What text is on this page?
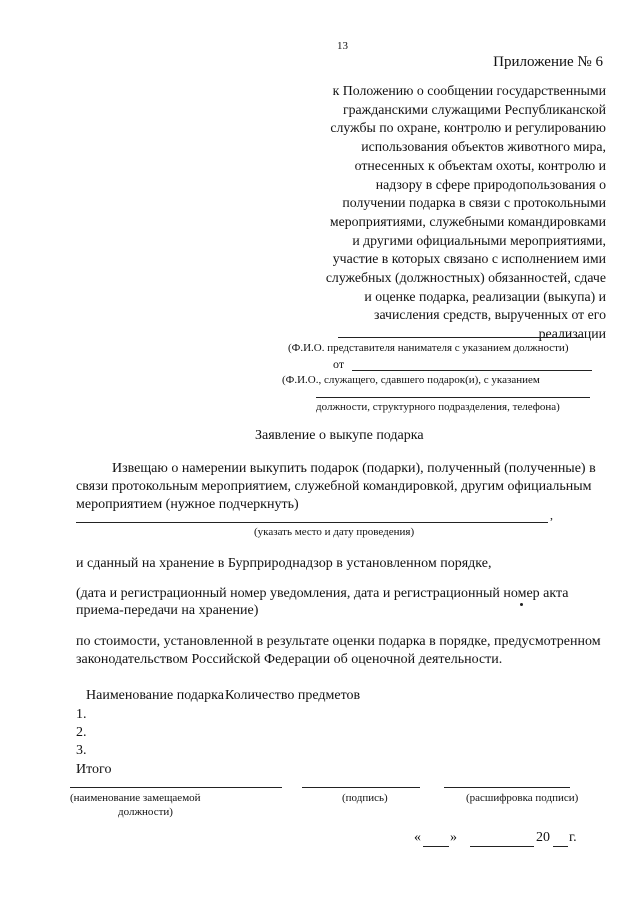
13
Приложение № 6
к Положению о сообщении государственными
гражданскими служащими Республиканской
службы по охране, контролю и регулированию
использования объектов животного мира,
отнесенных к объектам охоты, контролю и
надзору в сфере природопользования о
получении подарка в связи с протокольными
мероприятиями, служебными командировками
и другими официальными мероприятиями,
участие в которых связано с исполнением ими
служебных (должностных) обязанностей, сдаче
и оценке подарка, реализации (выкупа) и
зачисления средств, вырученных от его
реализации
(Ф.И.О. представителя нанимателя с указанием должности)
от
(Ф.И.О., служащего, сдавшего подарок(и), с указанием
должности, структурного подразделения, телефона)
Заявление о выкупе подарка
Извещаю о намерении выкупить подарок (подарки), полученный (полученные) в
связи протокольным мероприятием, служебной командировкой, другим официальным
мероприятием (нужное подчеркнуть)
,
(указать место и дату проведения)
и сданный на хранение в Бурприроднадзор в установленном порядке,
(дата и регистрационный номер уведомления, дата и регистрационный номер акта
приема-передачи на хранение)
по стоимости, установленной в результате оценки подарка в порядке, предусмотренном
законодательством Российской Федерации об оценочной деятельности.
Наименование подарка Количество предметов
1.
2.
3.
Итого
(наименование замещаемой
должности)
(подпись)	(расшифровка подписи)
« »	20 г.
